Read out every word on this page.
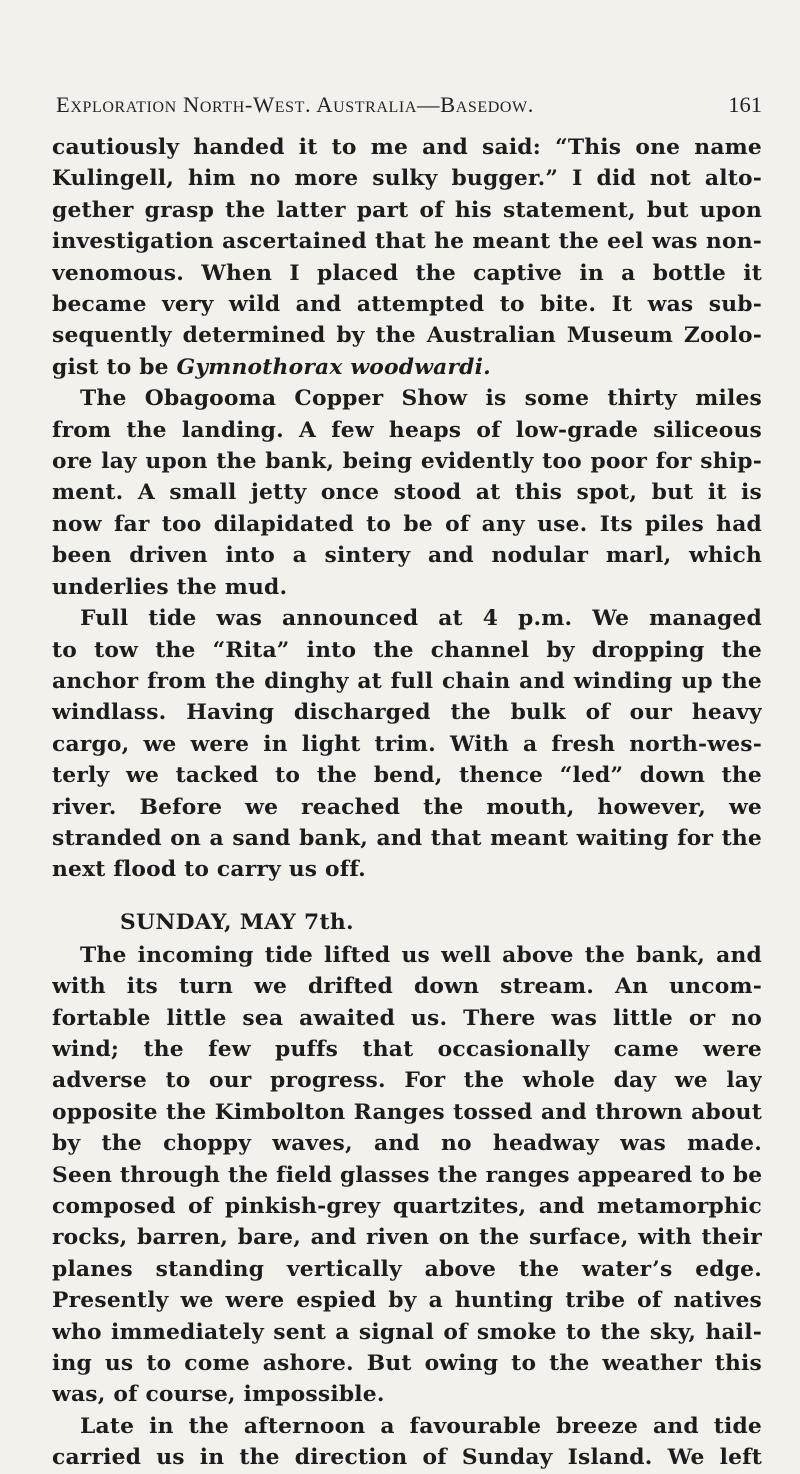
Exploration North-West. Australia—Basedow.	161
cautiously handed it to me and said: “This one name
Kulingell, him no more sulky bugger.” I did not alto-
gether grasp the latter part of his statement, but upon
investigation ascertained that he meant the eel was non-
venomous. When I placed the captive in a bottle it
became very wild and attempted to bite. It was sub-
sequently determined by the Australian Museum Zoolo-
gist to be Gymnothorax woodwardi.
The Obagooma Copper Show is some thirty miles
from the landing. A few heaps of low-grade siliceous
ore lay upon the bank, being evidently too poor for ship-
ment. A small jetty once stood at this spot, but it is
now far too dilapidated to be of any use. Its piles had
been driven into a sintery and nodular marl, which
underlies the mud.
Full tide was announced at 4 p.m. We managed
to tow the “Rita” into the channel by dropping the
anchor from the dinghy at full chain and winding up the
windlass. Having discharged the bulk of our heavy
cargo, we were in light trim. With a fresh north-wes-
terly we tacked to the bend, thence “led” down the
river. Before we reached the mouth, however, we
stranded on a sand bank, and that meant waiting for the
next flood to carry us off.
SUNDAY, MAY 7th.
The incoming tide lifted us well above the bank, and
with its turn we drifted down stream. An uncom-
fortable little sea awaited us. There was little or no
wind; the few puffs that occasionally came were
adverse to our progress. For the whole day we lay
opposite the Kimbolton Ranges tossed and thrown about
by the choppy waves, and no headway was made.
Seen through the field glasses the ranges appeared to be
composed of pinkish-grey quartzites, and metamorphic
rocks, barren, bare, and riven on the surface, with their
planes standing vertically above the water’s edge.
Presently we were espied by a hunting tribe of natives
who immediately sent a signal of smoke to the sky, hail-
ing us to come ashore. But owing to the weather this
was, of course, impossible.
Late in the afternoon a favourable breeze and tide
carried us in the direction of Sunday Island. We left
